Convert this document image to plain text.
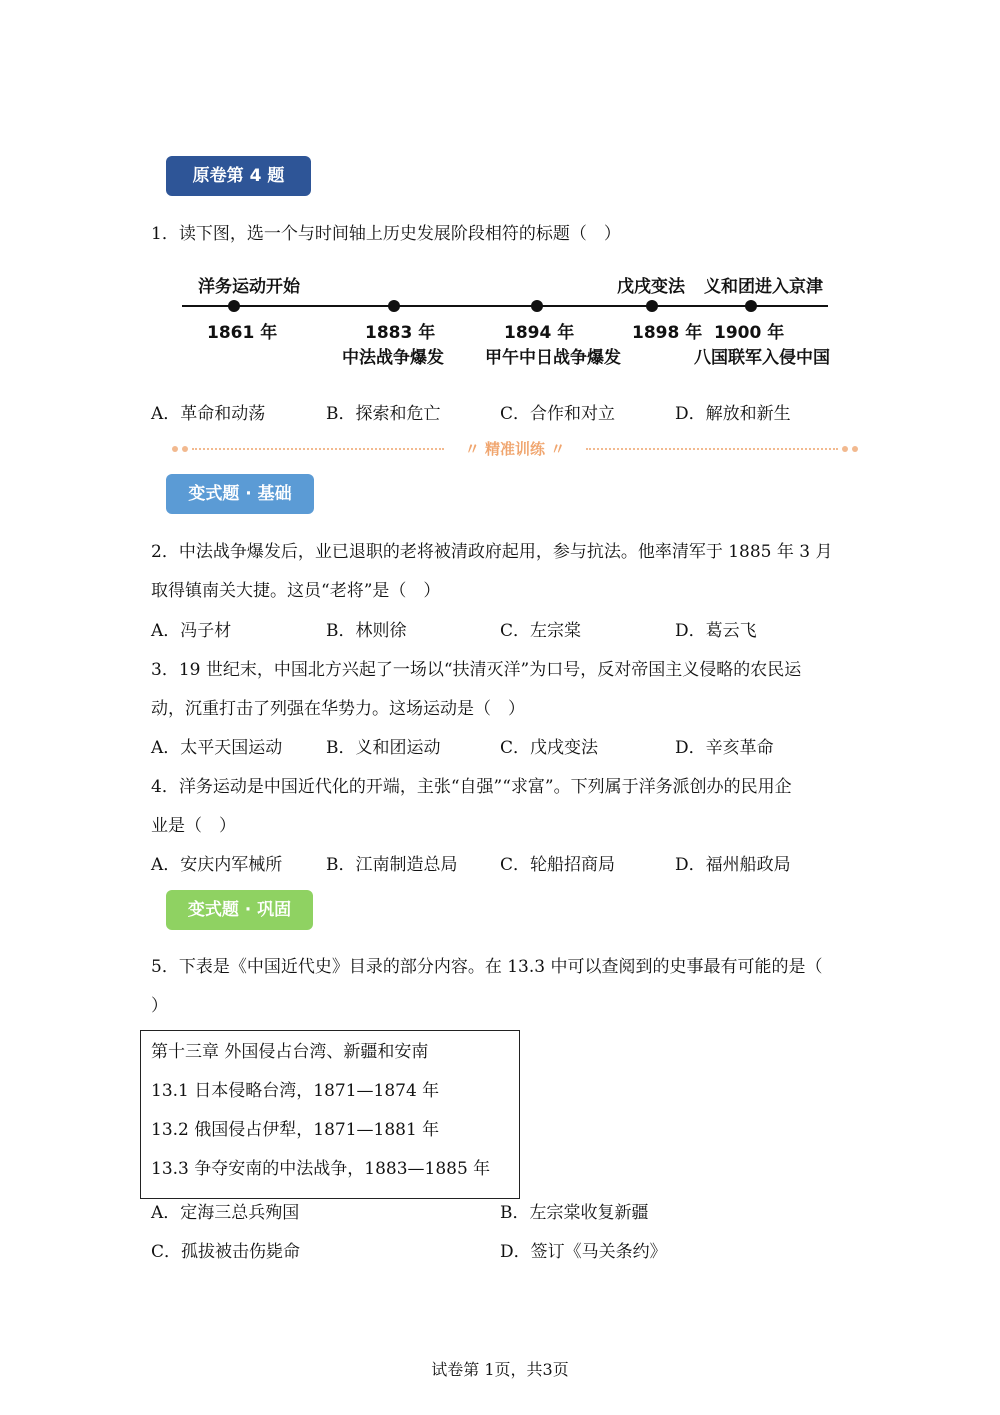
原卷第 4 题
1．读下图，选一个与时间轴上历史发展阶段相符的标题（　）
洋务运动开始	戊戌变法 义和团进入京津
1861 年	1883 年	1894 年	1898 年 1900 年
中法战争爆发 甲午中日战争爆发	八国联军入侵中国
A．革命和动荡	B．探索和危亡	C．合作和对立	D．解放和新生
〃 精准训练 〃
变式题 · 基础
2．中法战争爆发后，业已退职的老将被清政府起用，参与抗法。他率清军于 1885 年 3 月
取得镇南关大捷。这员“老将”是（　）
A．冯子材	B．林则徐	C．左宗棠	D．葛云飞
3．19 世纪末，中国北方兴起了一场以“扶清灭洋”为口号，反对帝国主义侵略的农民运
动，沉重打击了列强在华势力。这场运动是（　）
A．太平天国运动	B．义和团运动	C．戊戌变法	D．辛亥革命
4．洋务运动是中国近代化的开端，主张“自强”“求富”。下列属于洋务派创办的民用企
业是（　）
A．安庆内军械所	B．江南制造总局	C．轮船招商局	D．福州船政局
变式题 · 巩固
5．下表是《中国近代史》目录的部分内容。在 13.3 中可以查阅到的史事最有可能的是（
）
第十三章 外国侵占台湾、新疆和安南
13.1 日本侵略台湾，1871—1874 年
13.2 俄国侵占伊犁，1871—1881 年
13.3 争夺安南的中法战争，1883—1885 年
A．定海三总兵殉国	B．左宗棠收复新疆
C．孤拔被击伤毙命	D．签订《马关条约》
试卷第 1页，共3页
